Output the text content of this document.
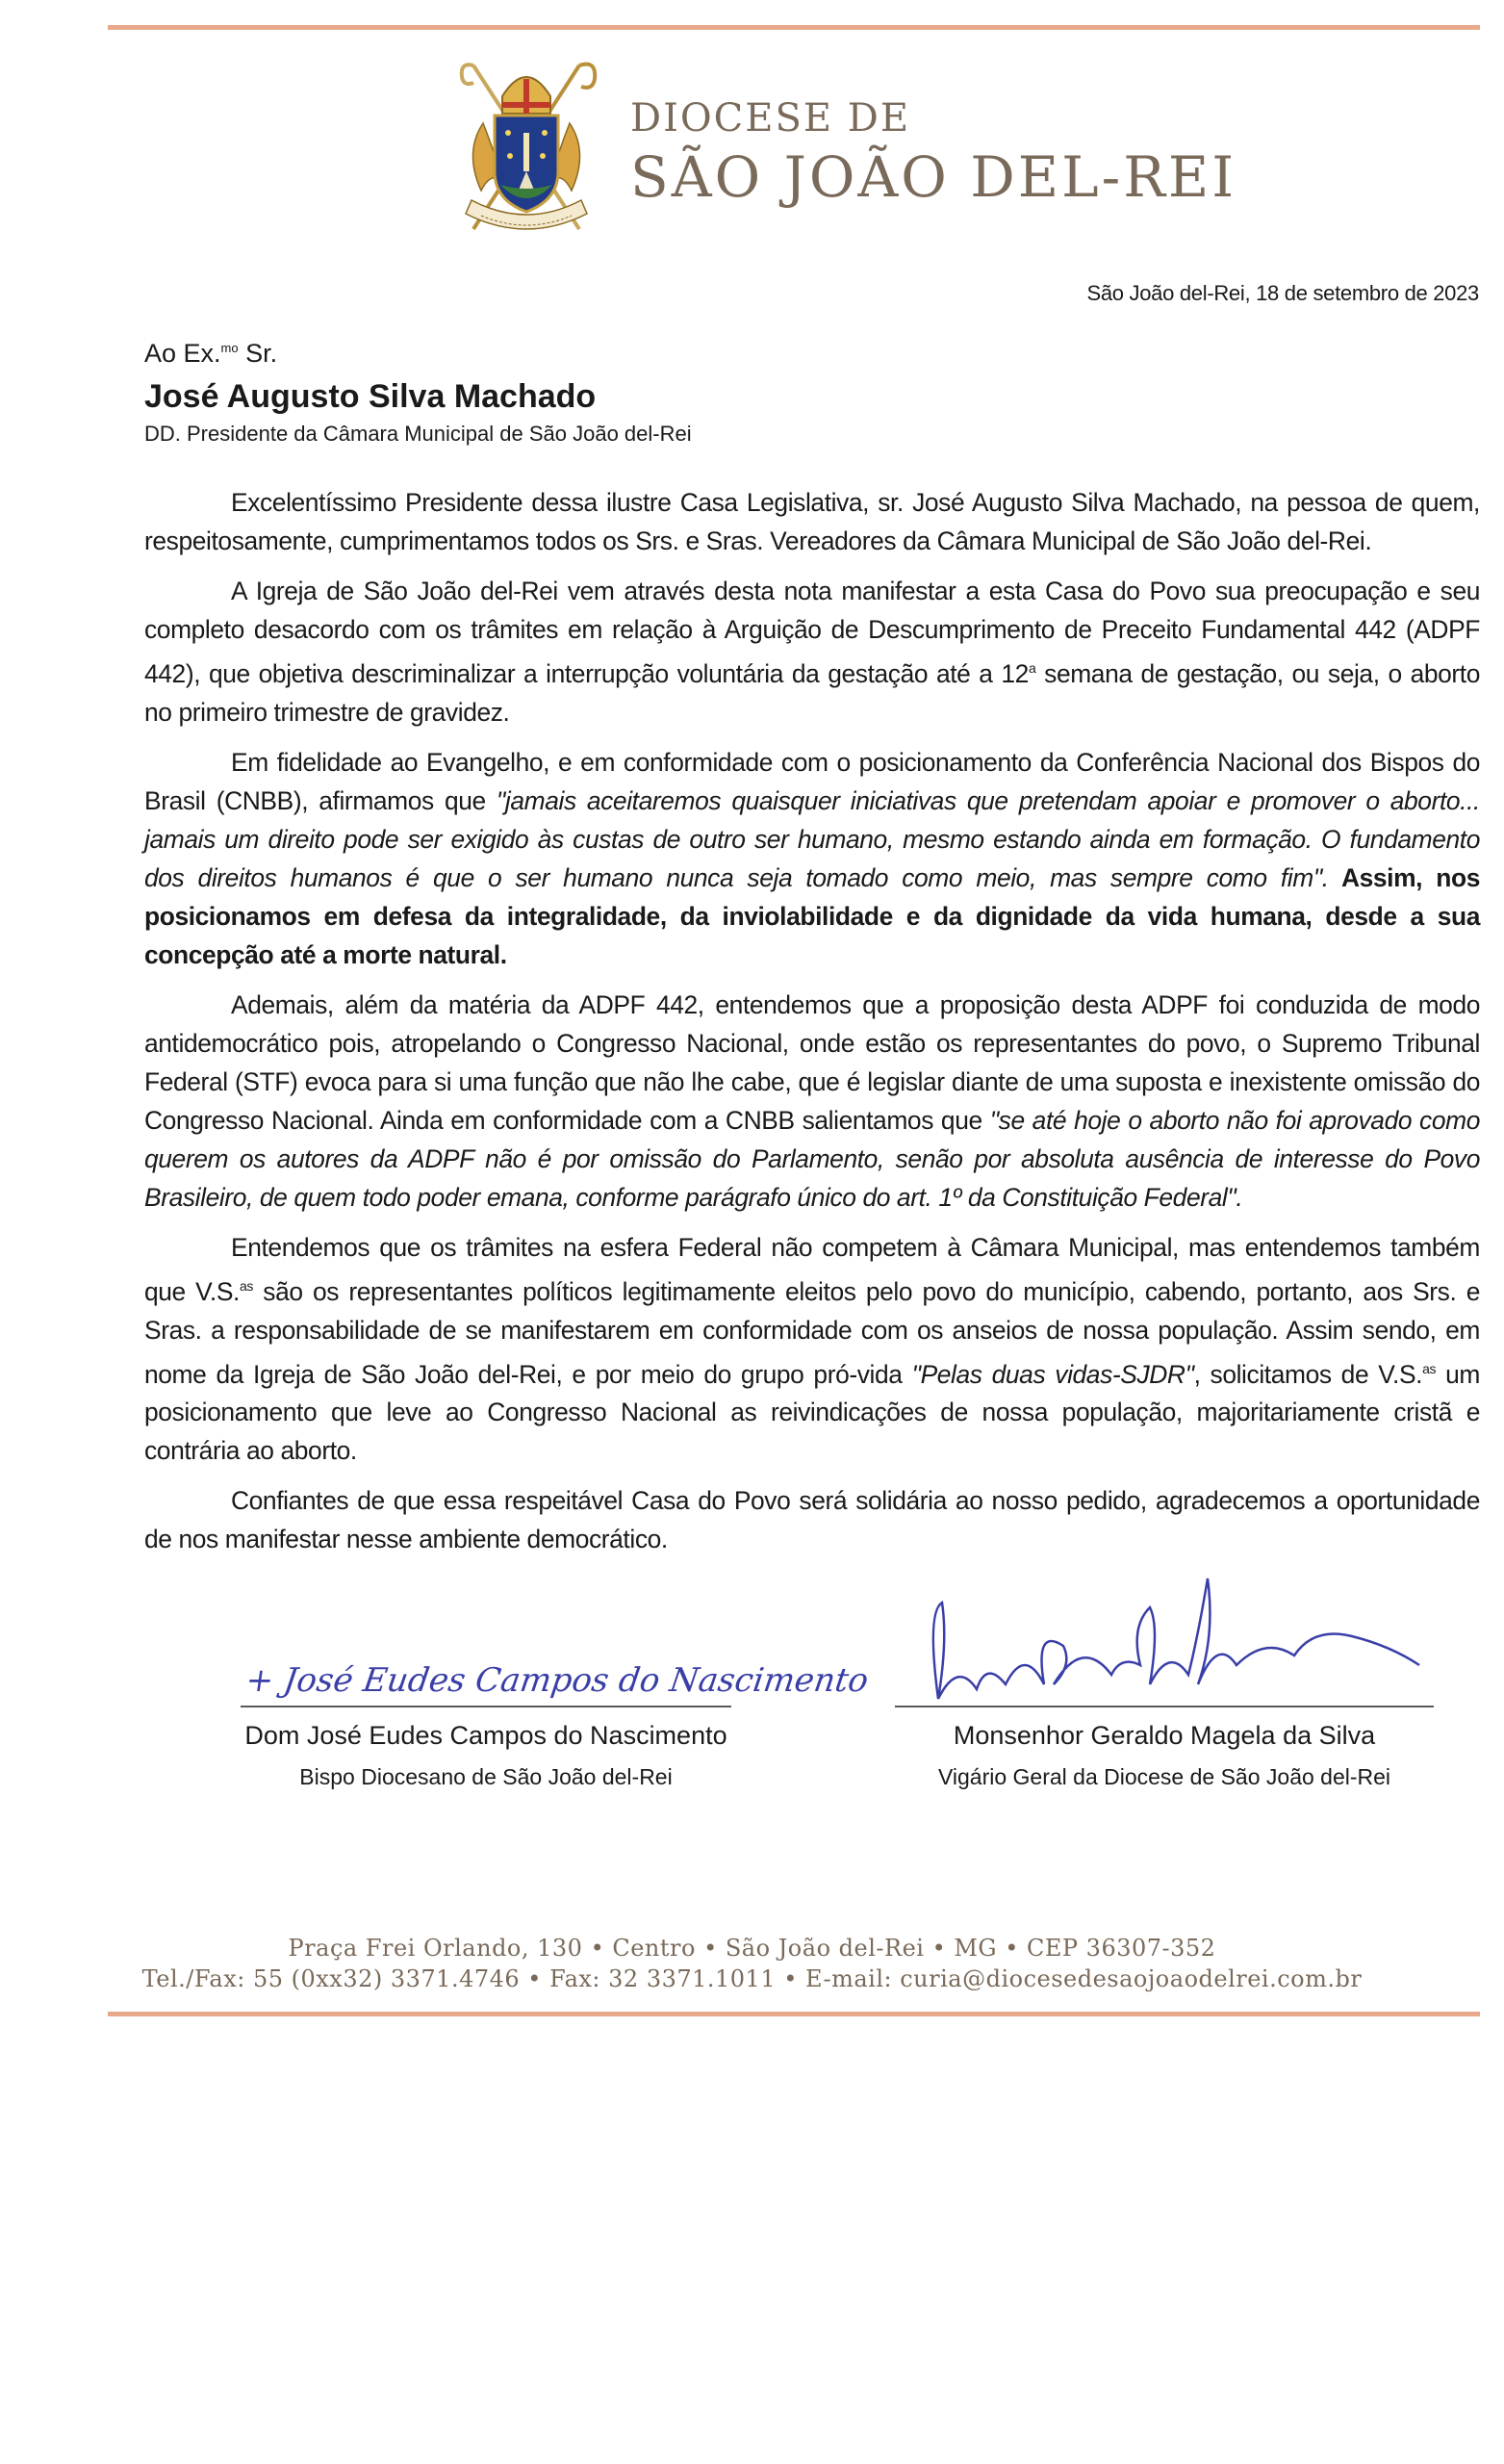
DIOCESE DE
SÃO JOÃO DEL-REI
São João del-Rei, 18 de setembro de 2023
Ao Ex.$^{mo}$ Sr.
José Augusto Silva Machado
DD. Presidente da Câmara Municipal de São João del-Rei

Excelentíssimo Presidente dessa ilustre Casa Legislativa, sr. José Augusto Silva Machado, na pessoa de quem, respeitosamente, cumprimentamos todos os Srs. e Sras. Vereadores da Câmara Municipal de São João del-Rei.

A Igreja de São João del-Rei vem através desta nota manifestar a esta Casa do Povo sua preocupação e seu completo desacordo com os trâmites em relação à Arguição de Descumprimento de Preceito Fundamental 442 (ADPF 442), que objetiva descriminalizar a interrupção voluntária da gestação até a 12$^a$ semana de gestação, ou seja, o aborto no primeiro trimestre de gravidez.

Em fidelidade ao Evangelho, e em conformidade com o posicionamento da Conferência Nacional dos Bispos do Brasil (CNBB), afirmamos que "jamais aceitaremos quaisquer iniciativas que pretendam apoiar e promover o aborto... jamais um direito pode ser exigido às custas de outro ser humano, mesmo estando ainda em formação. O fundamento dos direitos humanos é que o ser humano nunca seja tomado como meio, mas sempre como fim". Assim, nos posicionamos em defesa da integralidade, da inviolabilidade e da dignidade da vida humana, desde a sua concepção até a morte natural.

Ademais, além da matéria da ADPF 442, entendemos que a proposição desta ADPF foi conduzida de modo antidemocrático pois, atropelando o Congresso Nacional, onde estão os representantes do povo, o Supremo Tribunal Federal (STF) evoca para si uma função que não lhe cabe, que é legislar diante de uma suposta e inexistente omissão do Congresso Nacional. Ainda em conformidade com a CNBB salientamos que "se até hoje o aborto não foi aprovado como querem os autores da ADPF não é por omissão do Parlamento, senão por absoluta ausência de interesse do Povo Brasileiro, de quem todo poder emana, conforme parágrafo único do art. 1º da Constituição Federal".

Entendemos que os trâmites na esfera Federal não competem à Câmara Municipal, mas entendemos também que V.S.$^{as}$ são os representantes políticos legitimamente eleitos pelo povo do município, cabendo, portanto, aos Srs. e Sras. a responsabilidade de se manifestarem em conformidade com os anseios de nossa população. Assim sendo, em nome da Igreja de São João del-Rei, e por meio do grupo pró-vida "Pelas duas vidas-SJDR", solicitamos de V.S.$^{as}$ um posicionamento que leve ao Congresso Nacional as reivindicações de nossa população, majoritariamente cristã e contrária ao aborto.

Confiantes de que essa respeitável Casa do Povo será solidária ao nosso pedido, agradecemos a oportunidade de nos manifestar nesse ambiente democrático.

+ José Eudes Campos do Nascimento
Dom José Eudes Campos do Nascimento
Bispo Diocesano de São João del-Rei
Monsenhor Geraldo Magela da Silva
Vigário Geral da Diocese de São João del-Rei
Praça Frei Orlando, 130 • Centro • São João del-Rei • MG • CEP 36307-352
Tel./Fax: 55 (0xx32) 3371.4746 • Fax: 32 3371.1011 • E-mail: curia@diocesedesaojoaodelrei.com.br
